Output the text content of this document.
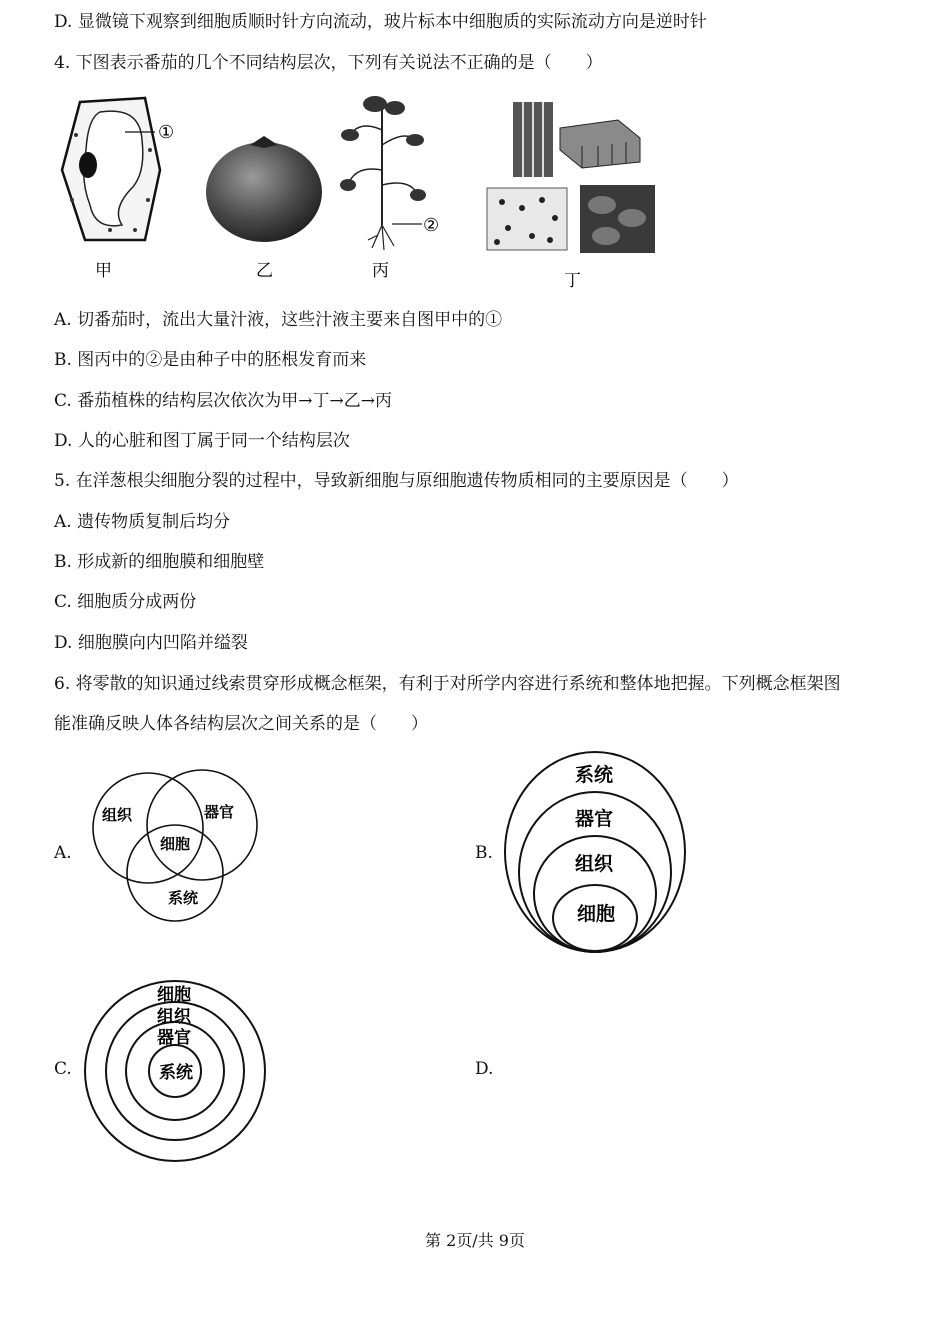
D. 显微镜下观察到细胞质顺时针方向流动，玻片标本中细胞质的实际流动方向是逆时针
4. 下图表示番茄的几个不同结构层次，下列有关说法不正确的是（　　）
①
甲	乙
②
丙	丁
A. 切番茄时，流出大量汁液，这些汁液主要来自图甲中的①
B. 图丙中的②是由种子中的胚根发育而来
C. 番茄植株的结构层次依次为甲→丁→乙→丙
D. 人的心脏和图丁属于同一个结构层次
5. 在洋葱根尖细胞分裂的过程中，导致新细胞与原细胞遗传物质相同的主要原因是（　　）
A. 遗传物质复制后均分
B. 形成新的细胞膜和细胞壁
C. 细胞质分成两份
D. 细胞膜向内凹陷并缢裂
6. 将零散的知识通过线索贯穿形成概念框架，有利于对所学内容进行系统和整体地把握。下列概念框架图
能准确反映人体各结构层次之间关系的是（　　）
A.
组织	器官
细胞
系统
B.
系统
器官
组织
细胞
C.
细胞
组织
器官
系统	D.
第 2页/共 9页
